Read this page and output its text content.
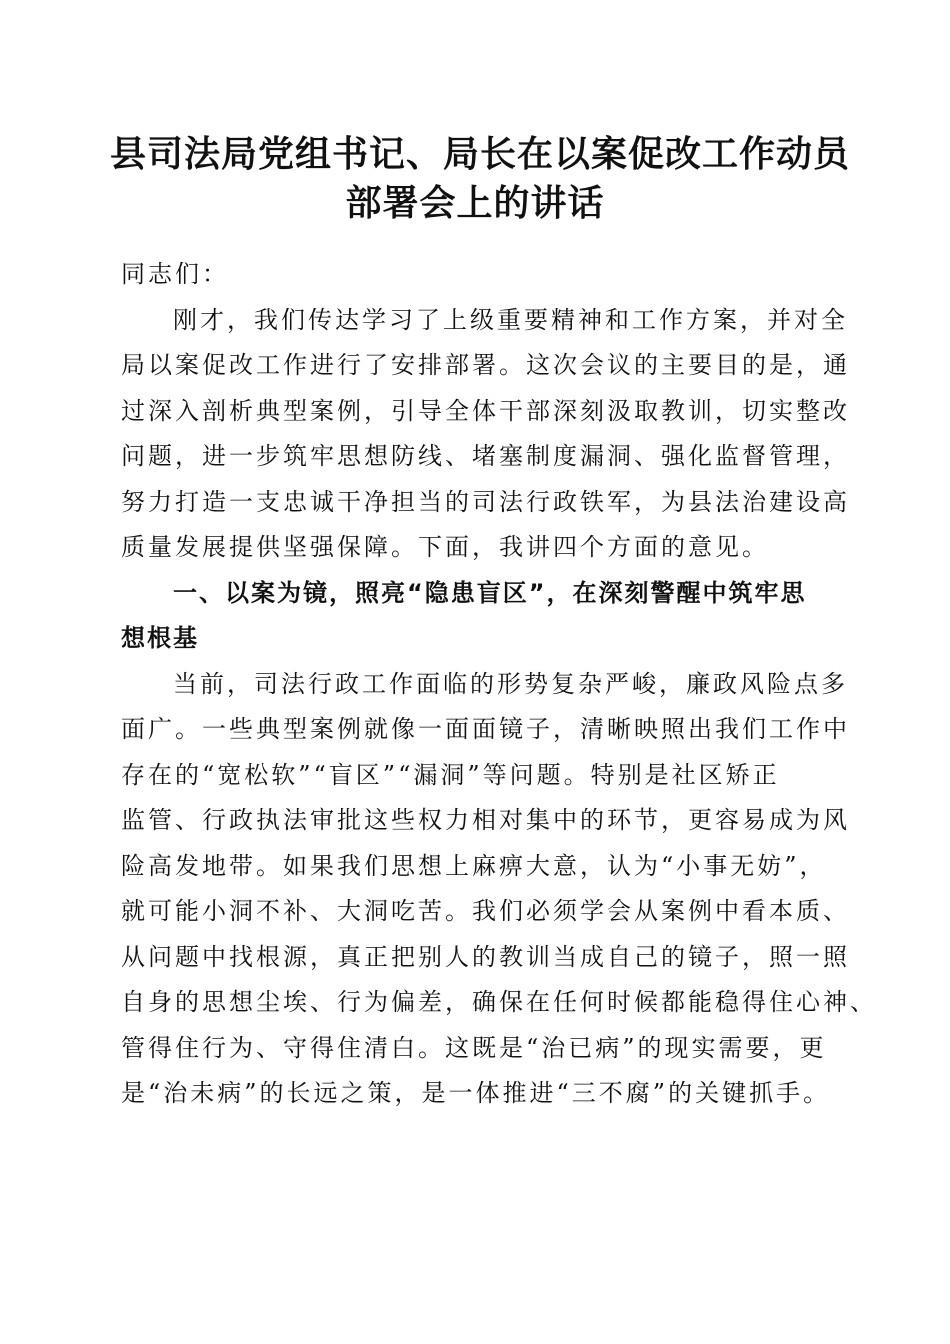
县司法局党组书记、局长在以案促改工作动员
部署会上的讲话
同志们：
刚才，我们传达学习了上级重要精神和工作方案，并对全
局以案促改工作进行了安排部署。这次会议的主要目的是，通
过深入剖析典型案例，引导全体干部深刻汲取教训，切实整改
问题，进一步筑牢思想防线、堵塞制度漏洞、强化监督管理，
努力打造一支忠诚干净担当的司法行政铁军，为县法治建设高
质量发展提供坚强保障。下面，我讲四个方面的意见。
一、以案为镜，照亮“隐患盲区”，在深刻警醒中筑牢思
想根基
当前，司法行政工作面临的形势复杂严峻，廉政风险点多
面广。一些典型案例就像一面面镜子，清晰映照出我们工作中
存在的“宽松软”“盲区”“漏洞”等问题。特别是社区矫正
监管、行政执法审批这些权力相对集中的环节，更容易成为风
险高发地带。如果我们思想上麻痹大意，认为“小事无妨”，
就可能小洞不补、大洞吃苦。我们必须学会从案例中看本质、
从问题中找根源，真正把别人的教训当成自己的镜子，照一照
自身的思想尘埃、行为偏差，确保在任何时候都能稳得住心神、
管得住行为、守得住清白。这既是“治已病”的现实需要，更
是“治未病”的长远之策，是一体推进“三不腐”的关键抓手。
